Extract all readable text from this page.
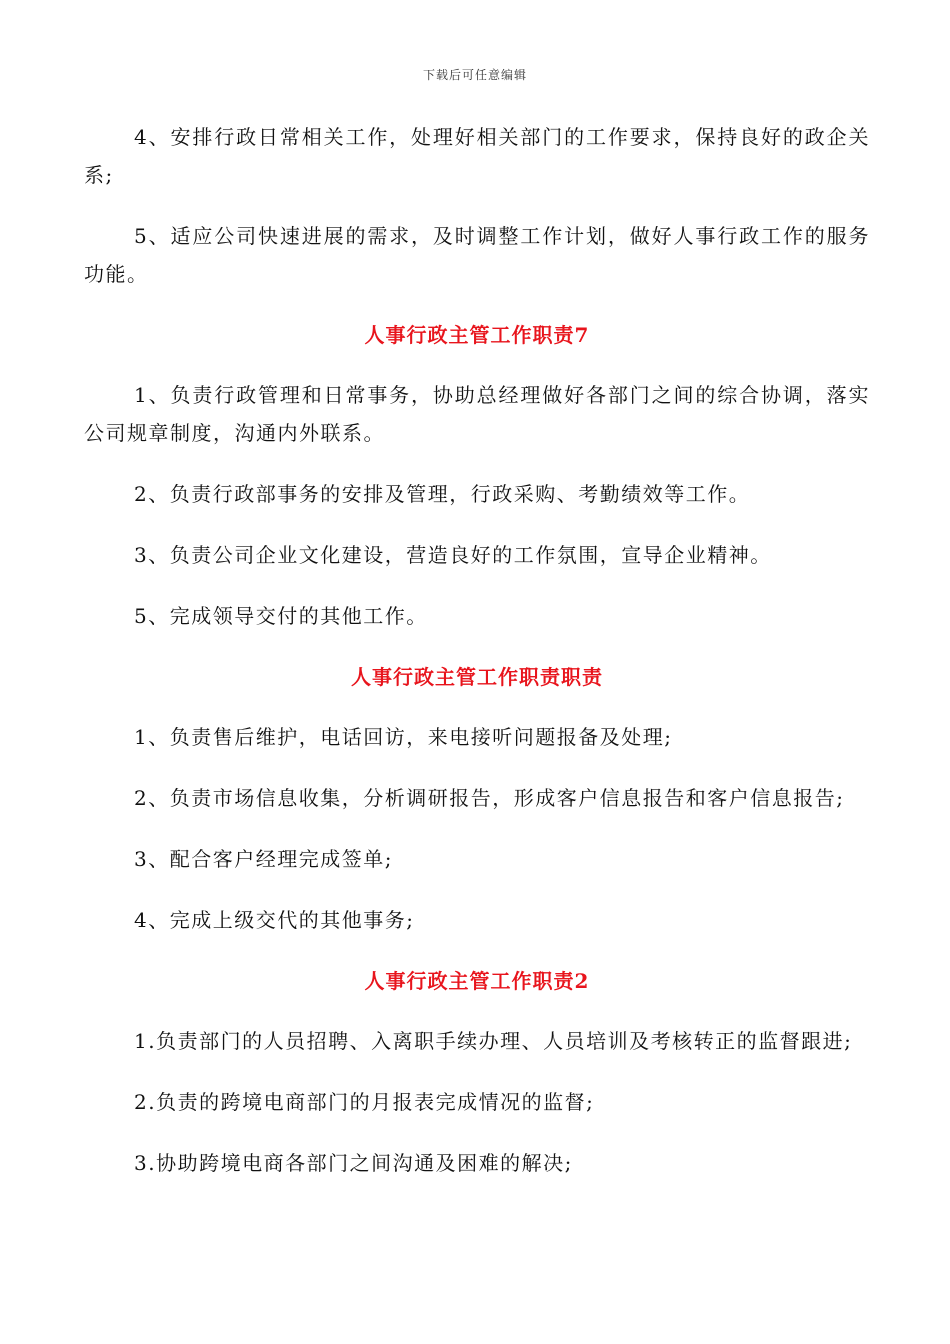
下载后可任意编辑

4、安排行政日常相关工作，处理好相关部门的工作要求，保持良好的政企关系;

5、适应公司快速进展的需求，及时调整工作计划，做好人事行政工作的服务功能。

人事行政主管工作职责7

1、负责行政管理和日常事务，协助总经理做好各部门之间的综合协调，落实公司规章制度，沟通内外联系。

2、负责行政部事务的安排及管理，行政采购、考勤绩效等工作。

3、负责公司企业文化建设，营造良好的工作氛围，宣导企业精神。

5、完成领导交付的其他工作。

人事行政主管工作职责职责

1、负责售后维护，电话回访，来电接听问题报备及处理;

2、负责市场信息收集，分析调研报告，形成客户信息报告和客户信息报告;

3、配合客户经理完成签单;

4、完成上级交代的其他事务;

人事行政主管工作职责2

1.负责部门的人员招聘、入离职手续办理、人员培训及考核转正的监督跟进;

2.负责的跨境电商部门的月报表完成情况的监督;

3.协助跨境电商各部门之间沟通及困难的解决;
